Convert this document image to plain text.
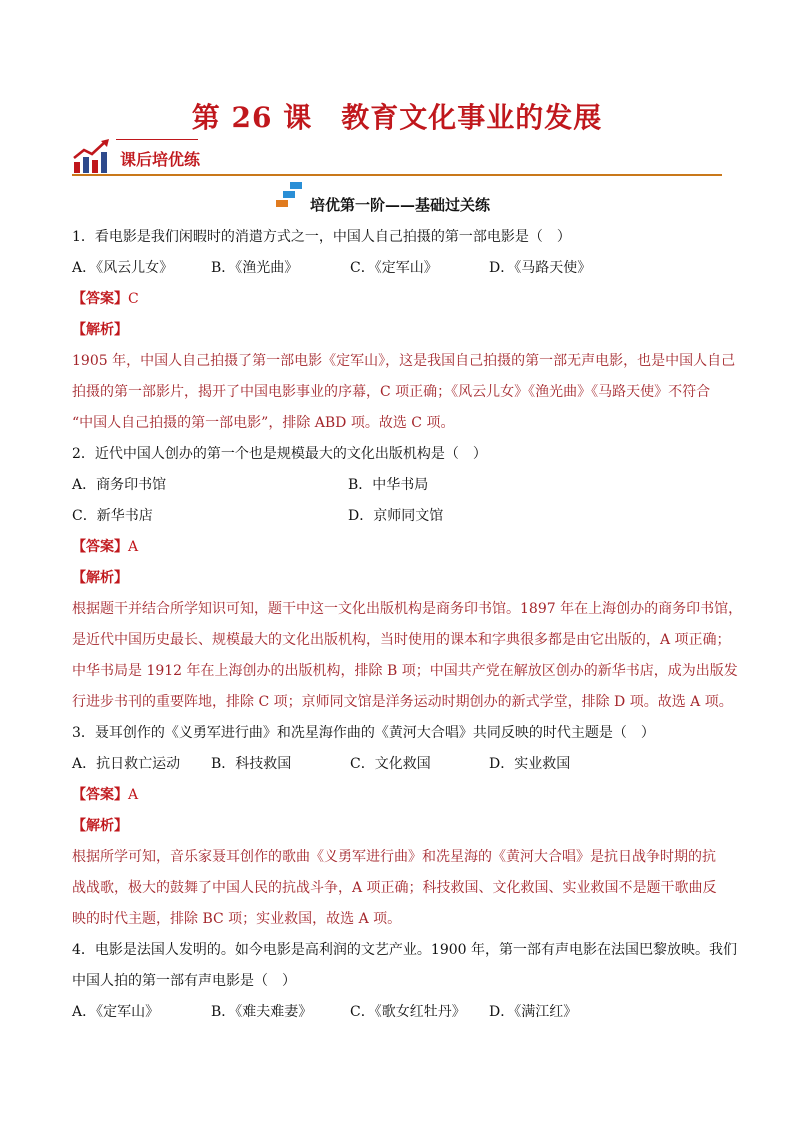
第 26 课　教育文化事业的发展
课后培优练
培优第一阶——基础过关练
1．看电影是我们闲暇时的消遣方式之一，中国人自己拍摄的第一部电影是（　）
A．《风云儿女》	B．《渔光曲》	C．《定军山》	D．《马路天使》
【答案】C
【解析】
1905 年，中国人自己拍摄了第一部电影《定军山》，这是我国自己拍摄的第一部无声电影，也是中国人自己
拍摄的第一部影片，揭开了中国电影事业的序幕，C 项正确；《风云儿女》《渔光曲》《马路天使》不符合
“中国人自己拍摄的第一部电影”，排除 ABD 项。故选 C 项。
2．近代中国人创办的第一个也是规模最大的文化出版机构是（　）
A．商务印书馆	B．中华书局
C．新华书店	D．京师同文馆
【答案】A
【解析】
根据题干并结合所学知识可知，题干中这一文化出版机构是商务印书馆。1897 年在上海创办的商务印书馆，
是近代中国历史最长、规模最大的文化出版机构，当时使用的课本和字典很多都是由它出版的，A 项正确；
中华书局是 1912 年在上海创办的出版机构，排除 B 项；中国共产党在解放区创办的新华书店，成为出版发
行进步书刊的重要阵地，排除 C 项；京师同文馆是洋务运动时期创办的新式学堂，排除 D 项。故选 A 项。
3．聂耳创作的《义勇军进行曲》和冼星海作曲的《黄河大合唱》共同反映的时代主题是（　）
A．抗日救亡运动	B．科技救国	C．文化救国	D．实业救国
【答案】A
【解析】
根据所学可知，音乐家聂耳创作的歌曲《义勇军进行曲》和冼星海的《黄河大合唱》是抗日战争时期的抗
战战歌，极大的鼓舞了中国人民的抗战斗争，A 项正确；科技救国、文化救国、实业救国不是题干歌曲反
映的时代主题，排除 BC 项；实业救国，故选 A 项。
4．电影是法国人发明的。如今电影是高利润的文艺产业。1900 年，第一部有声电影在法国巴黎放映。我们
中国人拍的第一部有声电影是（　）
A．《定军山》	B．《难夫难妻》	C．《歌女红牡丹》	D．《满江红》
